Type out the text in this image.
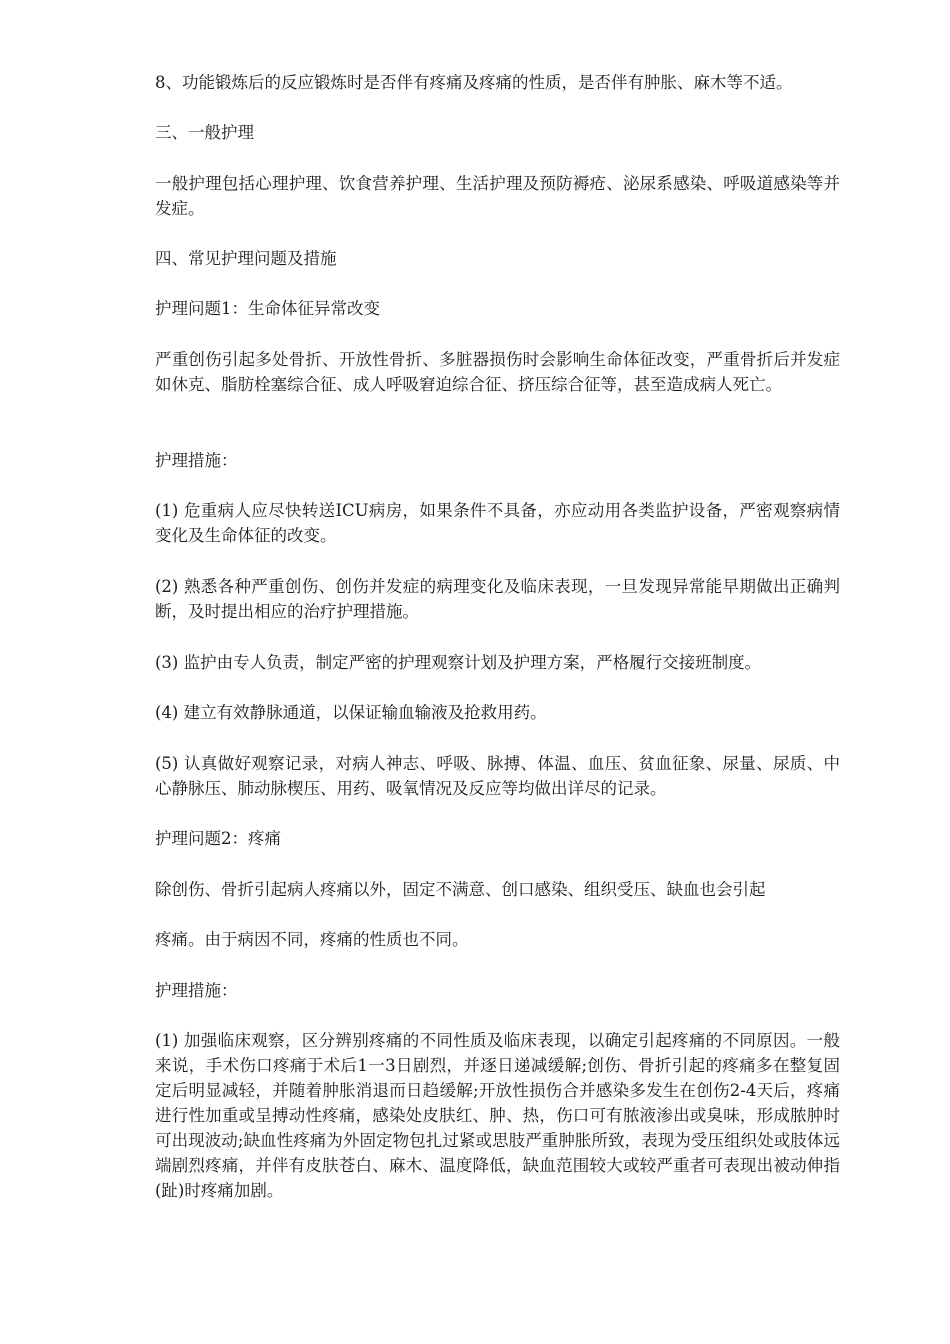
8、功能锻炼后的反应锻炼时是否伴有疼痛及疼痛的性质，是否伴有肿胀、麻木等不适。

三、一般护理

一般护理包括心理护理、饮食营养护理、生活护理及预防褥疮、泌尿系感染、呼吸道感染等并发症。

四、常见护理问题及措施

护理问题1：生命体征异常改变

严重创伤引起多处骨折、开放性骨折、多脏器损伤时会影响生命体征改变，严重骨折后并发症如休克、脂肪栓塞综合征、成人呼吸窘迫综合征、挤压综合征等，甚至造成病人死亡。

护理措施：

(1) 危重病人应尽快转送ICU病房，如果条件不具备，亦应动用各类监护设备，严密观察病情变化及生命体征的改变。

(2) 熟悉各种严重创伤、创伤并发症的病理变化及临床表现，一旦发现异常能早期做出正确判断，及时提出相应的治疗护理措施。

(3) 监护由专人负责，制定严密的护理观察计划及护理方案，严格履行交接班制度。

(4) 建立有效静脉通道，以保证输血输液及抢救用药。

(5) 认真做好观察记录，对病人神志、呼吸、脉搏、体温、血压、贫血征象、尿量、尿质、中心静脉压、肺动脉楔压、用药、吸氧情况及反应等均做出详尽的记录。

护理问题2：疼痛

除创伤、骨折引起病人疼痛以外，固定不满意、创口感染、组织受压、缺血也会引起

疼痛。由于病因不同，疼痛的性质也不同。

护理措施：

(1) 加强临床观察，区分辨别疼痛的不同性质及临床表现，以确定引起疼痛的不同原因。一般来说，手术伤口疼痛于术后1一3日剧烈，并逐日递减缓解;创伤、骨折引起的疼痛多在整复固定后明显减轻，并随着肿胀消退而日趋缓解;开放性损伤合并感染多发生在创伤2-4天后，疼痛进行性加重或呈搏动性疼痛，感染处皮肤红、肿、热，伤口可有脓液渗出或臭味，形成脓肿时可出现波动;缺血性疼痛为外固定物包扎过紧或思肢严重肿胀所致，表现为受压组织处或肢体远端剧烈疼痛，并伴有皮肤苍白、麻木、温度降低，缺血范围较大或较严重者可表现出被动伸指(趾)时疼痛加剧。
